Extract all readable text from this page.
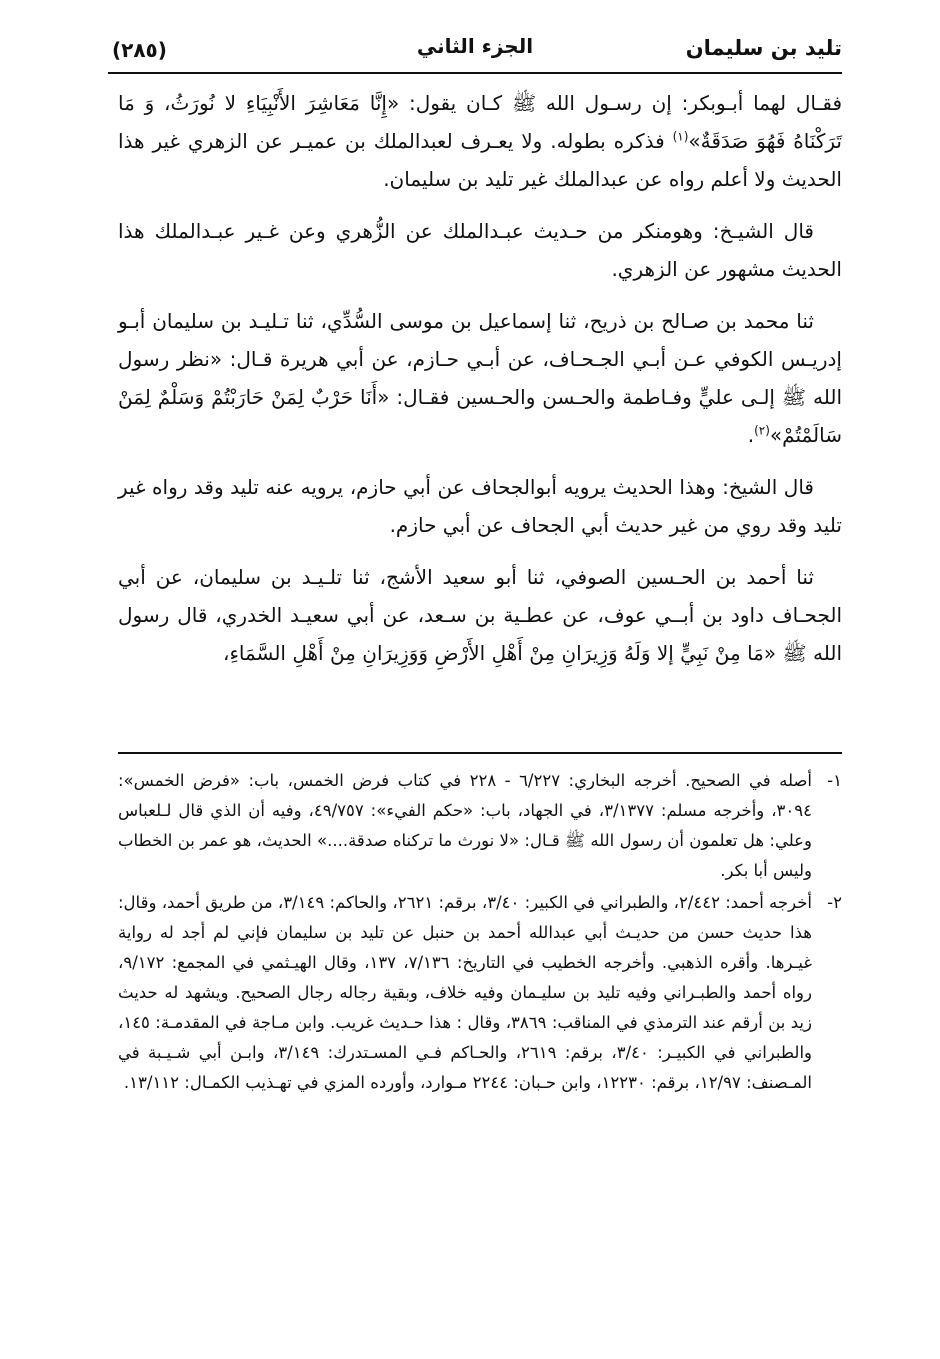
تليد بن سليمان
الجزء الثاني
(٢٨٥)

فقـال لهما أبـوبكر: إن رسـول الله ﷺ كـان يقول: «إِنَّا مَعَاشِرَ الأَنْبِيَاءِ لا نُورَثُ، وَ مَا تَرَكْنَاهُ فَهُوَ صَدَقَةٌ»$^{(١)}$ فذكره بطوله. ولا يعـرف لعبدالملك بن عميـر عن الزهري غير هذا الحديث ولا أعلم رواه عن عبدالملك غير تليد بن سليمان.

قال الشيـخ: وهومنكر من حـديث عبـدالملك عن الزُّهري وعن غـير عبـدالملك هذا الحديث مشهور عن الزهري.

ثنا محمد بن صـالح بن ذريح، ثنا إسماعيل بن موسى السُّدِّي، ثنا تـليـد بن سليمان أبـو إدريـس الكوفي عـن أبـي الجـحـاف، عن أبـي حـازم، عن أبي هريرة قـال: «نظر رسول الله ﷺ إلـى عليٍّ وفـاطمة والحـسن والحـسين فقـال: «أَنَا حَرْبٌ لِمَنْ حَارَبْتُمْ وَسَلْمٌ لِمَنْ سَالَمْتُمْ»$^{(٢)}$.

قال الشيخ: وهذا الحديث يرويه أبوالجحاف عن أبي حازم، يرويه عنه تليد وقد رواه غير تليد وقد روي من غير حديث أبي الجحاف عن أبي حازم.

ثنا أحمد بن الحـسين الصوفي، ثنا أبو سعيد الأشج، ثنا تلـيـد بن سليمان، عن أبي الجحـاف داود بن أبــي عوف، عن عطـية بن سـعد، عن أبي سعيـد الخدري، قال رسول الله ﷺ «مَا مِنْ نَبِيٍّ إلا وَلَهُ وَزِيرَانِ مِنْ أَهْلِ الأَرْضِ وَوَزِيرَانِ مِنْ أَهْلِ السَّمَاءِ،

١-
أصله في الصحيح. أخرجه البخاري: ٦/٢٢٧ - ٢٢٨ في كتاب فرض الخمس، باب: «فرض الخمس»: ٣٠٩٤، وأخرجه مسلم: ٣/١٣٧٧، في الجهاد، باب: «حكم الفيء»: ٤٩/٧٥٧، وفيه أن الذي قال لـلعباس وعلي: هل تعلمون أن رسول الله ﷺ قـال: «لا نورث ما تركناه صدقة....» الحديث، هو عمر بن الخطاب وليس أبا بكر.
٢-
أخرجه أحمد: ٢/٤٤٢، والطبراني في الكبير: ٣/٤٠، برقم: ٢٦٢١، والحاكم: ٣/١٤٩، من طريق أحمد، وقال: هذا حديث حسن من حديـث أبي عبدالله أحمد بن حنبل عن تليد بن سليمان فإني لم أجد له رواية غيـرها. وأقره الذهبي. وأخرجه الخطيب في التاريخ: ٧/١٣٦، ١٣٧، وقال الهيـثمي في المجمع: ٩/١٧٢، رواه أحمد والطبـراني وفيه تليد بن سليـمان وفيه خلاف، وبقية رجاله رجال الصحيح. ويشهد له حديث زيد بن أرقم عند الترمذي في المناقب: ٣٨٦٩، وقال : هذا حـديث غريب. وابن مـاجة في المقدمـة: ١٤٥، والطبراني في الكبيـر: ٣/٤٠، برقم: ٢٦١٩، والحـاكم فـي المسـتدرك: ٣/١٤٩، وابـن أبي شـيـبة في المـصنف: ١٢/٩٧، برقم: ١٢٢٣٠، وابن حـبان: ٢٢٤٤ مـوارد، وأورده المزي في تهـذيب الكمـال: ١٣/١١٢.
